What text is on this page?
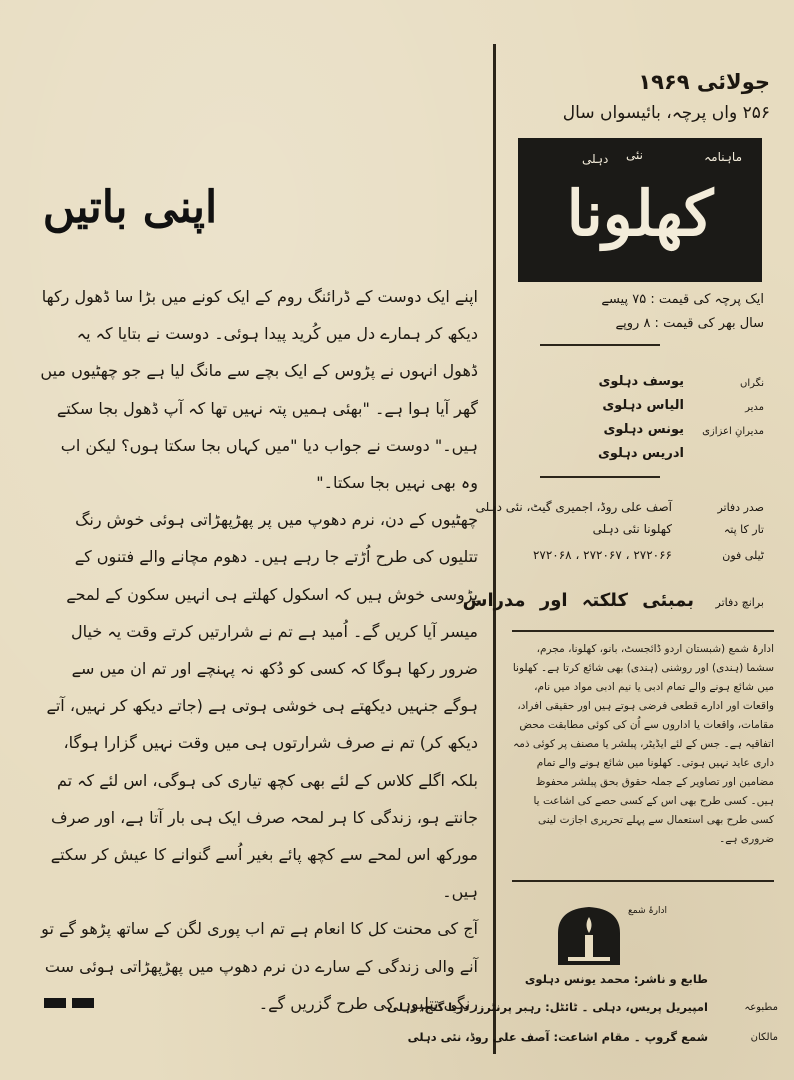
اپنی باتیں

اپنے ایک دوست کے ڈرائنگ روم کے ایک کونے میں بڑا سا ڈھول رکھا دیکھ کر ہمارے دل میں کُرید پیدا ہوئی۔ دوست نے بتایا کہ یہ ڈھول انہوں نے پڑوس کے ایک بچے سے مانگ لیا ہے جو چھٹیوں میں گھر آیا ہوا ہے۔ "بھئی ہمیں پتہ نہیں تھا کہ آپ ڈھول بجا سکتے ہیں۔" دوست نے جواب دیا "میں کہاں بجا سکتا ہوں؟ لیکن اب وہ بھی نہیں بجا سکتا۔"

چھٹیوں کے دن، نرم دھوپ میں پر پھڑپھڑاتی ہوئی خوش رنگ تتلیوں کی طرح اُڑتے جا رہے ہیں۔ دھوم مچانے والے فتنوں کے پڑوسی خوش ہیں کہ اسکول کھلتے ہی انہیں سکون کے لمحے میسر آیا کریں گے۔ اُمید ہے تم نے شرارتیں کرتے وقت یہ خیال ضرور رکھا ہوگا کہ کسی کو دُکھ نہ پہنچے اور تم ان میں سے ہوگے جنہیں دیکھتے ہی خوشی ہوتی ہے (جاتے دیکھ کر نہیں، آتے دیکھ کر) تم نے صرف شرارتوں ہی میں وقت نہیں گزارا ہوگا، بلکہ اگلے کلاس کے لئے بھی کچھ تیاری کی ہوگی، اس لئے کہ تم جانتے ہو، زندگی کا ہر لمحہ صرف ایک ہی بار آتا ہے، اور صرف مورکھ اس لمحے سے کچھ پائے بغیر اُسے گنوانے کا عیش کر سکتے ہیں۔

آج کی محنت کل کا انعام ہے تم اب پوری لگن کے ساتھ پڑھو گے تو آنے والی زندگی کے سارے دن نرم دھوپ میں پھڑپھڑاتی ہوئی ست رنگی تتلیوں کی طرح گزریں گے۔

جولائی ۱۹۶۹
۲۵۶ واں پرچہ، بائیسواں سال
ماہنامہ
نئی
دہلی
کھلونا
ایک پرچہ کی قیمت : ۷۵ پیسے
سال بھر کی قیمت : ۸ روپے
نگراں
یوسف دہلوی
مدیر
الیاس دہلوی
مدیرانِ اعزازی
یونس دہلوی
ادریس دہلوی
صدر دفاتر
آصف علی روڈ، اجمیری گیٹ، نئی دہلی
تار کا پتہ
کھلونا نئی دہلی
ٹیلی فون
۲۷۲۰۶۶ ، ۲۷۲۰۶۷ ، ۲۷۲۰۶۸
برانچ دفاتر
بمبئی کلکتہ اور مدراس
ادارۂ شمع (شبستان اردو ڈائجسٹ، بانو، کھلونا، مجرم، سشما (ہندی) اور روشنی (ہندی) بھی شائع کرتا ہے۔ کھلونا میں شائع ہونے والے تمام ادبی یا نیم ادبی مواد میں نام، واقعات اور ادارے قطعی فرضی ہوتے ہیں اور حقیقی افراد، مقامات، واقعات یا اداروں سے اُن کی کوئی مطابقت محض اتفاقیہ ہے۔ جس کے لئے ایڈیٹر، پبلشر یا مصنف پر کوئی ذمہ داری عاید نہیں ہوتی۔ کھلونا میں شائع ہونے والے تمام مضامین اور تصاویر کے جملہ حقوق بحق پبلشر محفوظ ہیں۔ کسی طرح بھی اس کے کسی حصے کی اشاعت یا کسی طرح بھی استعمال سے پہلے تحریری اجازت لینی ضروری ہے۔
ادارۂ شمع
طابع و ناشر: محمد یونس دہلوی
مطبوعہ
امپیریل پریس، دہلی ۔ ٹائٹل: رہبر پرنٹرز، دریا گنج، دہلی
مالکان
شمع گروپ ۔ مقام اشاعت: آصف علی روڈ، نئی دہلی
